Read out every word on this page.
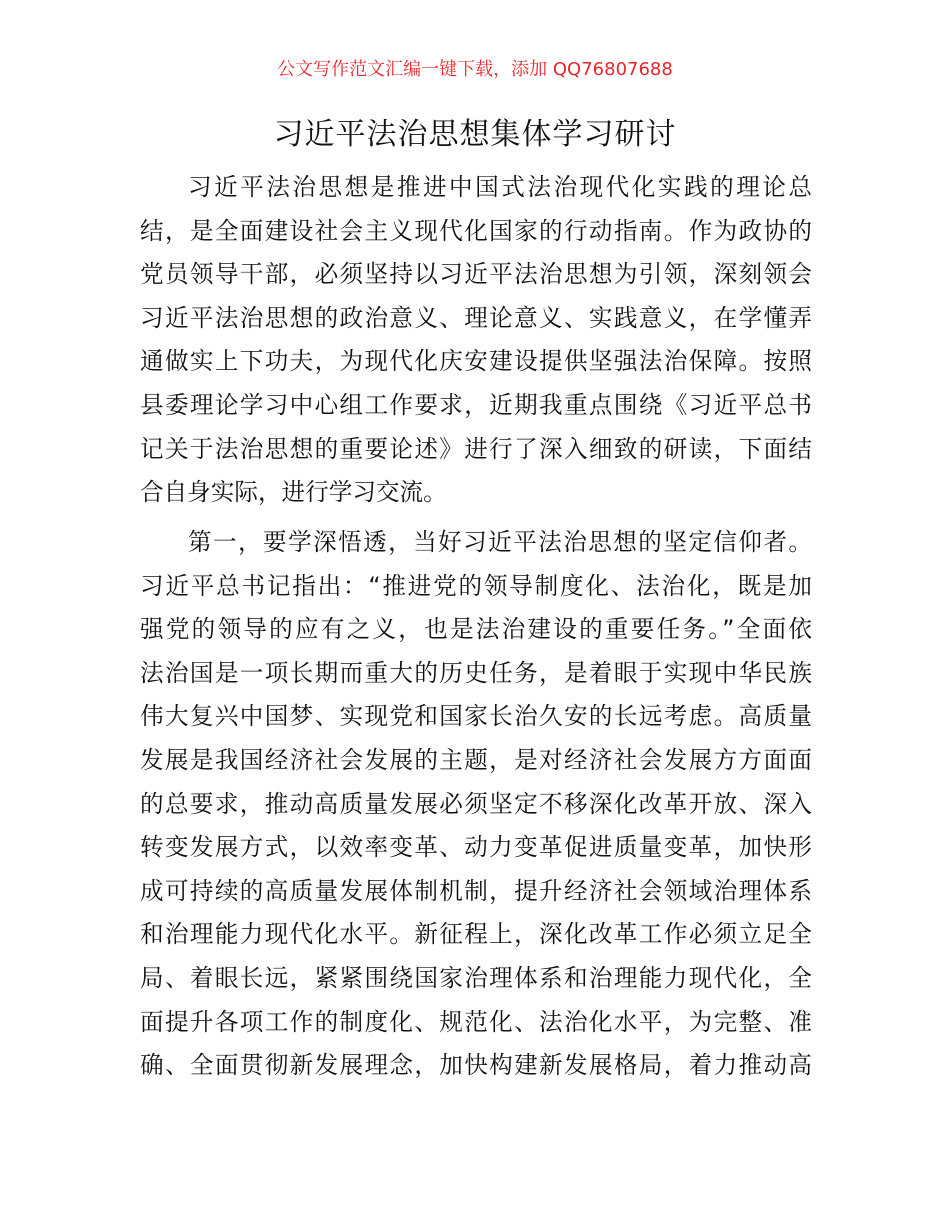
公文写作范文汇编一键下载，添加 QQ76807688
习近平法治思想集体学习研讨
习近平法治思想是推进中国式法治现代化实践的理论总
结，是全面建设社会主义现代化国家的行动指南。作为政协的
党员领导干部，必须坚持以习近平法治思想为引领，深刻领会
习近平法治思想的政治意义、理论意义、实践意义，在学懂弄
通做实上下功夫，为现代化庆安建设提供坚强法治保障。按照
县委理论学习中心组工作要求，近期我重点围绕《习近平总书
记关于法治思想的重要论述》进行了深入细致的研读，下面结
合自身实际，进行学习交流。
第一，要学深悟透，当好习近平法治思想的坚定信仰者。
习近平总书记指出：“推进党的领导制度化、法治化，既是加
强党的领导的应有之义，也是法治建设的重要任务。”全面依
法治国是一项长期而重大的历史任务，是着眼于实现中华民族
伟大复兴中国梦、实现党和国家长治久安的长远考虑。高质量
发展是我国经济社会发展的主题，是对经济社会发展方方面面
的总要求，推动高质量发展必须坚定不移深化改革开放、深入
转变发展方式，以效率变革、动力变革促进质量变革，加快形
成可持续的高质量发展体制机制，提升经济社会领域治理体系
和治理能力现代化水平。新征程上，深化改革工作必须立足全
局、着眼长远，紧紧围绕国家治理体系和治理能力现代化，全
面提升各项工作的制度化、规范化、法治化水平，为完整、准
确、全面贯彻新发展理念，加快构建新发展格局，着力推动高
